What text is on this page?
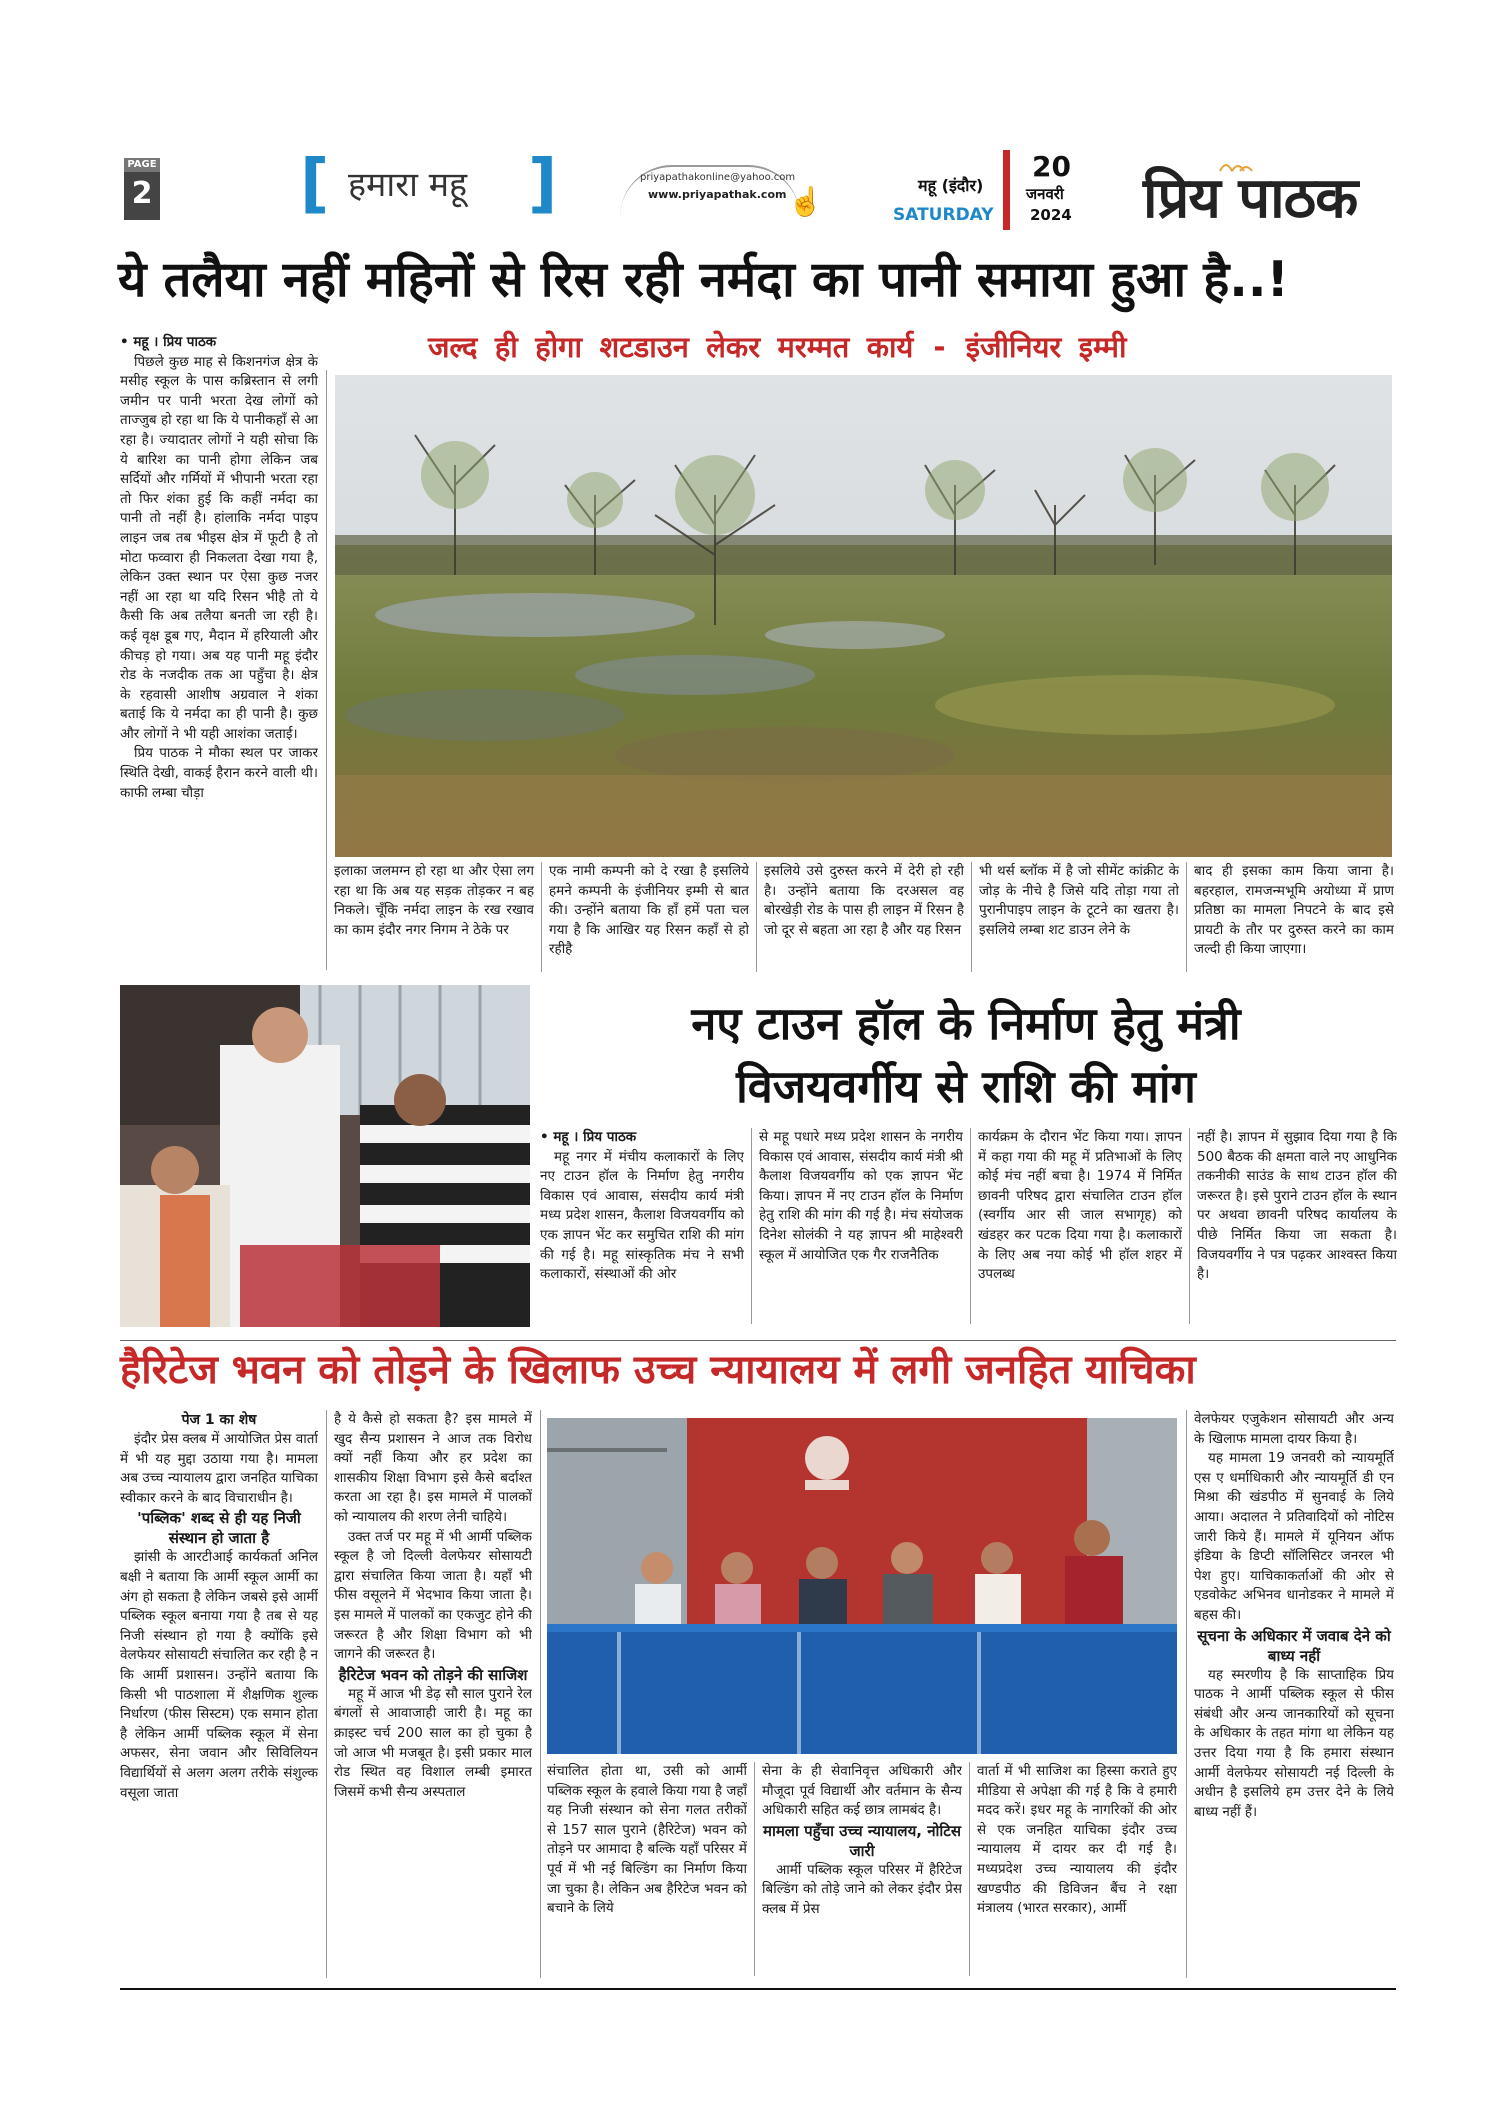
PAGE
2 [ हमारा महू ]	priyapathakonline@yahoo.com
www.priyapathak.com ☝	महू (इंदौर)
SATURDAY
20
जनवरी
2024 प्रिय पाठक
ये तलैया नहीं महिनों से रिस रही नर्मदा का पानी समाया हुआ है..!
जल्द ही होगा शटडाउन लेकर मरम्मत कार्य - इंजीनियर इम्मी

• महू । प्रिय पाठक

पिछले कुछ माह से किशनगंज क्षेत्र के मसीह स्कूल के पास कब्रिस्तान से लगी जमीन पर पानी भरता देख लोगों को ताज्जुब हो रहा था कि ये पानीकहाँ से आ रहा है। ज्यादातर लोगों ने यही सोचा कि ये बारिश का पानी होगा लेकिन जब सर्दियों और गर्मियों में भीपानी भरता रहा तो फिर शंका हुई कि कहीं नर्मदा का पानी तो नहीं है। हांलाकि नर्मदा पाइप लाइन जब तब भीइस क्षेत्र में फूटी है तो मोटा फव्वारा ही निकलता देखा गया है, लेकिन उक्त स्थान पर ऐसा कुछ नजर नहीं आ रहा था यदि रिसन भीहै तो ये कैसी कि अब तलैया बनती जा रही है। कई वृक्ष डूब गए, मैदान में हरियाली और कीचड़ हो गया। अब यह पानी महू इंदौर रोड के नजदीक तक आ पहुँचा है। क्षेत्र के रहवासी आशीष अग्रवाल ने शंका बताई कि ये नर्मदा का ही पानी है। कुछ और लोगों ने भी यही आशंका जताई।

प्रिय पाठक ने मौका स्थल पर जाकर स्थिति देखी, वाकई हैरान करने वाली थी। काफी लम्बा चौड़ा

इलाका जलमग्न हो रहा था और ऐसा लग रहा था कि अब यह सड़क तोड़कर न बह निकले। चूँकि नर्मदा लाइन के रख रखाव का काम इंदौर नगर निगम ने ठेके पर

एक नामी कम्पनी को दे रखा है इसलिये हमने कम्पनी के इंजीनियर इम्मी से बात की। उन्होंने बताया कि हाँ हमें पता चल गया है कि आखिर यह रिसन कहाँ से हो रहीहै

इसलिये उसे दुरुस्त करने में देरी हो रही है। उन्होंने बताया कि दरअसल वह बोरखेड़ी रोड के पास ही लाइन में रिसन है जो दूर से बहता आ रहा है और यह रिसन

भी थर्स ब्लॉक में है जो सीमेंट कांक्रीट के जोड़ के नीचे है जिसे यदि तोड़ा गया तो पुरानीपाइप लाइन के टूटने का खतरा है। इसलिये लम्बा शट डाउन लेने के

बाद ही इसका काम किया जाना है। बहरहाल, रामजन्मभूमि अयोध्या में प्राण प्रतिष्ठा का मामला निपटने के बाद इसे प्रायटी के तौर पर दुरुस्त करने का काम जल्दी ही किया जाएगा।

नए टाउन हॉल के निर्माण हेतु मंत्री
विजयवर्गीय से राशि की मांग

• महू । प्रिय पाठक

महू नगर में मंचीय कलाकारों के लिए नए टाउन हॉल के निर्माण हेतु नगरीय विकास एवं आवास, संसदीय कार्य मंत्री मध्य प्रदेश शासन, कैलाश विजयवर्गीय को एक ज्ञापन भेंट कर समुचित राशि की मांग की गई है। महू सांस्कृतिक मंच ने सभी कलाकारों, संस्थाओं की ओर

से महू पधारे मध्य प्रदेश शासन के नगरीय विकास एवं आवास, संसदीय कार्य मंत्री श्री कैलाश विजयवर्गीय को एक ज्ञापन भेंट किया। ज्ञापन में नए टाउन हॉल के निर्माण हेतु राशि की मांग की गई है। मंच संयोजक दिनेश सोलंकी ने यह ज्ञापन श्री माहेश्वरी स्कूल में आयोजित एक गैर राजनैतिक

कार्यक्रम के दौरान भेंट किया गया। ज्ञापन में कहा गया की महू में प्रतिभाओं के लिए कोई मंच नहीं बचा है। 1974 में निर्मित छावनी परिषद द्वारा संचालित टाउन हॉल (स्वर्गीय आर सी जाल सभागृह) को खंडहर कर पटक दिया गया है। कलाकारों के लिए अब नया कोई भी हॉल शहर में उपलब्ध

नहीं है। ज्ञापन में सुझाव दिया गया है कि 500 बैठक की क्षमता वाले नए आधुनिक तकनीकी साउंड के साथ टाउन हॉल की जरूरत है। इसे पुराने टाउन हॉल के स्थान पर अथवा छावनी परिषद कार्यालय के पीछे निर्मित किया जा सकता है। विजयवर्गीय ने पत्र पढ़कर आश्वस्त किया है।

हैरिटेज भवन को तोड़ने के खिलाफ उच्च न्यायालय में लगी जनहित याचिका

पेज 1 का शेष

इंदौर प्रेस क्लब में आयोजित प्रेस वार्ता में भी यह मुद्दा उठाया गया है। मामला अब उच्च न्यायालय द्वारा जनहित याचिका स्वीकार करने के बाद विचाराधीन है।

'पब्लिक' शब्द से ही यह निजी संस्थान हो जाता है

झांसी के आरटीआई कार्यकर्ता अनिल बक्षी ने बताया कि आर्मी स्कूल आर्मी का अंग हो सकता है लेकिन जबसे इसे आर्मी पब्लिक स्कूल बनाया गया है तब से यह निजी संस्थान हो गया है क्योंकि इसे वेलफेयर सोसायटी संचालित कर रही है न कि आर्मी प्रशासन। उन्होंने बताया कि किसी भी पाठशाला में शैक्षणिक शुल्क निर्धारण (फीस सिस्टम) एक समान होता है लेकिन आर्मी पब्लिक स्कूल में सेना अफसर, सेना जवान और सिविलियन विद्यार्थियों से अलग अलग तरीके संशुल्क वसूला जाता

है ये कैसे हो सकता है? इस मामले में खुद सैन्य प्रशासन ने आज तक विरोध क्यों नहीं किया और हर प्रदेश का शासकीय शिक्षा विभाग इसे कैसे बर्दाश्त करता आ रहा है। इस मामले में पालकों को न्यायालय की शरण लेनी चाहिये।

उक्त तर्ज पर महू में भी आर्मी पब्लिक स्कूल है जो दिल्ली वेलफेयर सोसायटी द्वारा संचालित किया जाता है। यहाँ भी फीस वसूलने में भेदभाव किया जाता है। इस मामले में पालकों का एकजुट होने की जरूरत है और शिक्षा विभाग को भी जागने की जरूरत है।

हैरिटेज भवन को तोड़ने की साजिश

महू में आज भी डेढ़ सौ साल पुराने रेल बंगलों से आवाजाही जारी है। महू का क्राइस्ट चर्च 200 साल का हो चुका है जो आज भी मजबूत है। इसी प्रकार माल रोड स्थित वह विशाल लम्बी इमारत जिसमें कभी सैन्य अस्पताल

संचालित होता था, उसी को आर्मी पब्लिक स्कूल के हवाले किया गया है जहाँ यह निजी संस्थान को सेना गलत तरीकों से 157 साल पुराने (हैरिटेज) भवन को तोड़ने पर आमादा है बल्कि यहाँ परिसर में पूर्व में भी नई बिल्डिंग का निर्माण किया जा चुका है। लेकिन अब हैरिटेज भवन को बचाने के लिये

सेना के ही सेवानिवृत्त अधिकारी और मौजूदा पूर्व विद्यार्थी और वर्तमान के सैन्य अधिकारी सहित कई छात्र लामबंद है।

मामला पहुँचा उच्च न्यायालय, नोटिस जारी

आर्मी पब्लिक स्कूल परिसर में हैरिटेज बिल्डिंग को तोड़े जाने को लेकर इंदौर प्रेस क्लब में प्रेस

वार्ता में भी साजिश का हिस्सा कराते हुए मीडिया से अपेक्षा की गई है कि वे हमारी मदद करें। इधर महू के नागरिकों की ओर से एक जनहित याचिका इंदौर उच्च न्यायालय में दायर कर दी गई है। मध्यप्रदेश उच्च न्यायालय की इंदौर खण्डपीठ की डिविजन बैंच ने रक्षा मंत्रालय (भारत सरकार), आर्मी

वेलफेयर एजुकेशन सोसायटी और अन्य के खिलाफ मामला दायर किया है।

यह मामला 19 जनवरी को न्यायमूर्ति एस ए धर्माधिकारी और न्यायमूर्ति डी एन मिश्रा की खंडपीठ में सुनवाई के लिये आया। अदालत ने प्रतिवादियों को नोटिस जारी किये हैं। मामले में यूनियन ऑफ इंडिया के डिप्टी सॉलिसिटर जनरल भी पेश हुए। याचिकाकर्ताओं की ओर से एडवोकेट अभिनव धानोडकर ने मामले में बहस की।

सूचना के अधिकार में जवाब देने को बाध्य नहीं

यह स्मरणीय है कि साप्ताहिक प्रिय पाठक ने आर्मी पब्लिक स्कूल से फीस संबंधी और अन्य जानकारियों को सूचना के अधिकार के तहत मांगा था लेकिन यह उत्तर दिया गया है कि हमारा संस्थान आर्मी वेलफेयर सोसायटी नई दिल्ली के अधीन है इसलिये हम उत्तर देने के लिये बाध्य नहीं हैं।
